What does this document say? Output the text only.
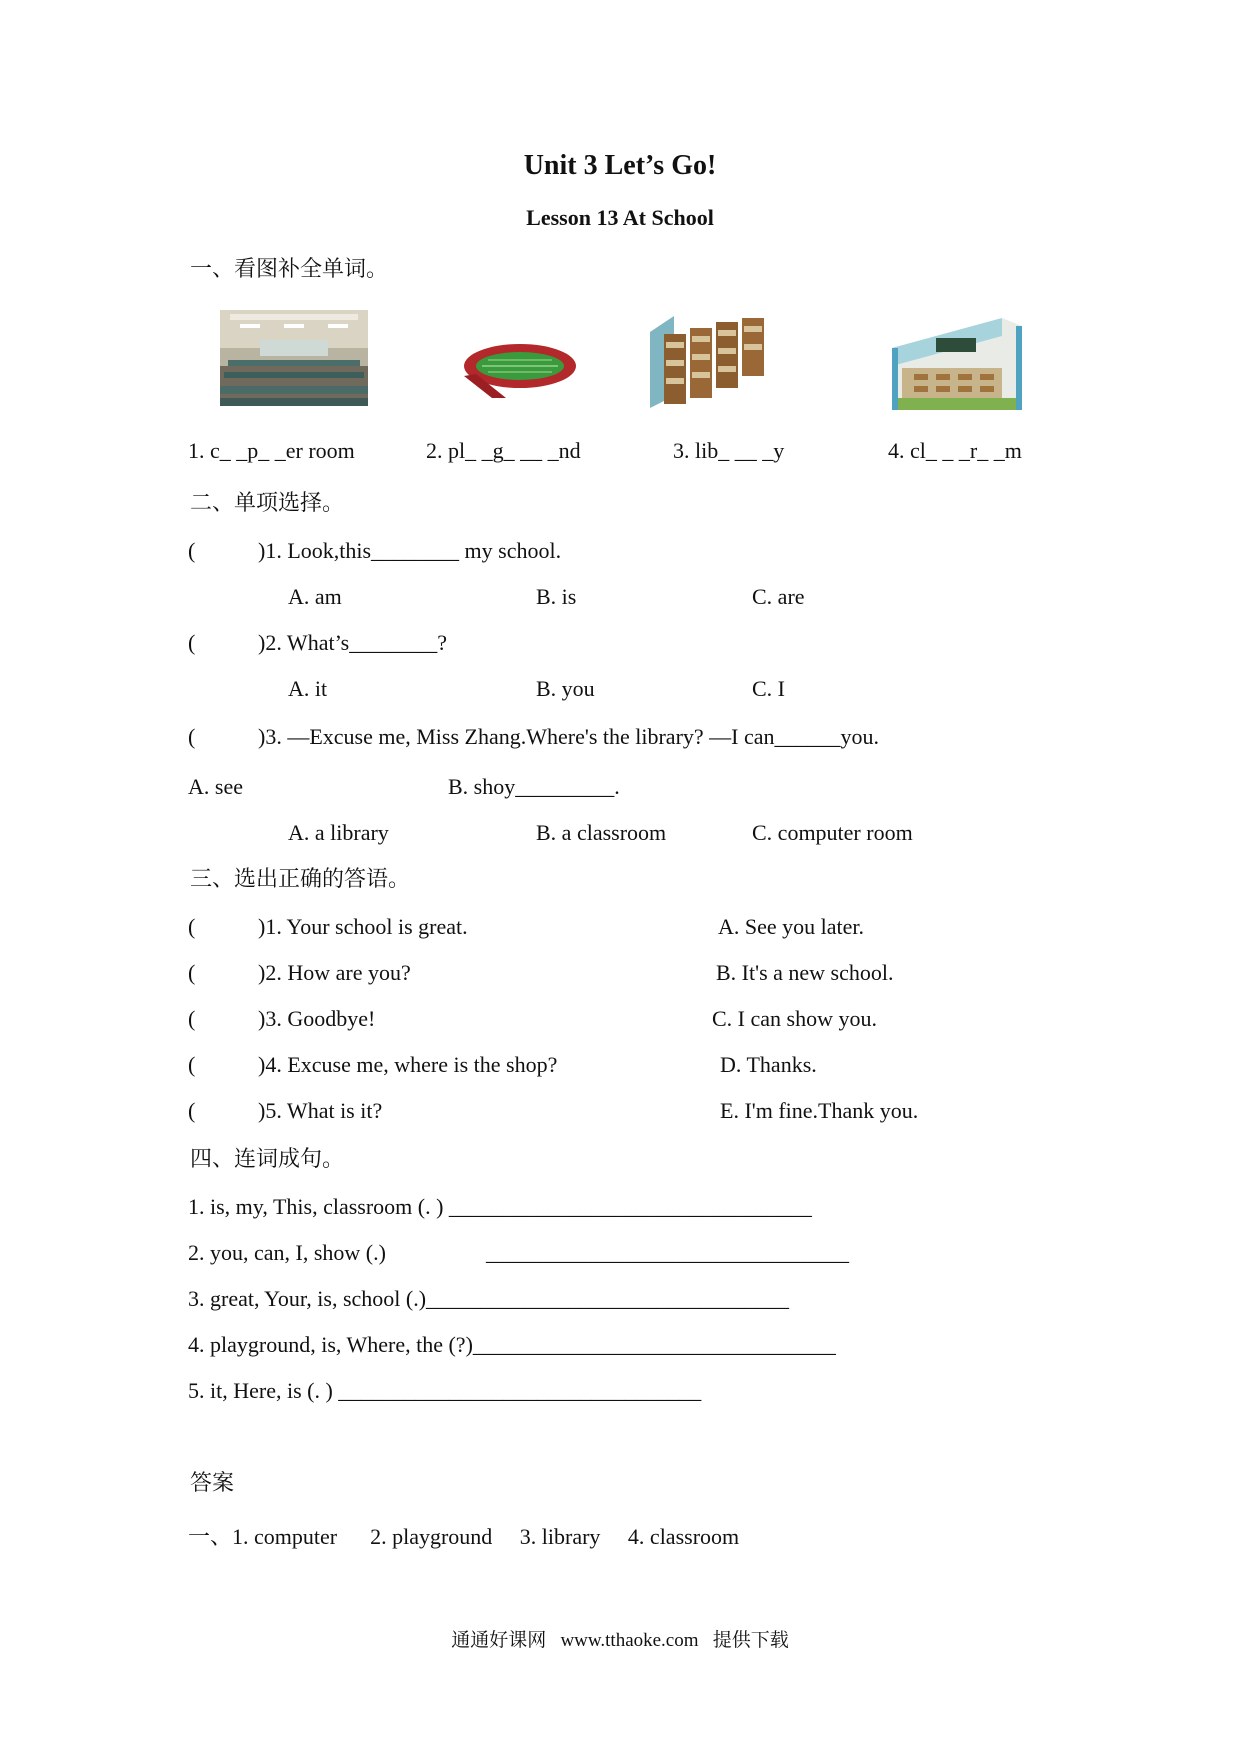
Unit 3 Let’s Go!
Lesson 13 At School
一、看图补全单词。
1. c_ _p_ _er room	2. pl_ _g_ __ _nd	3. lib_ __ _y	4. cl_ _ _r_ _m
二、单项选择。
(	)1. Look,this________ my school.
A. am	B. is	C. are
(	)2. What’s________?
A. it	B. you	C. I
(	)3. —Excuse me, Miss Zhang.Where's the library? —I can______you.
A. see	B. shoy_________.
A. a library	B. a classroom	C. computer room
三、选出正确的答语。
(	)1. Your school is great.	A. See you later.
(	)2. How are you?	B. It's a new school.
(	)3. Goodbye!	C. I can show you.
(	)4. Excuse me, where is the shop?	D. Thanks.
(	)5. What is it?	E. I'm fine.Thank you.
四、连词成句。
1. is, my, This, classroom (. ) _________________________________
2. you, can, I, show (.)	_________________________________
3. great, Your, is, school (.)_________________________________
4. playground, is, Where, the (?)_________________________________
5. it, Here, is (. ) _________________________________
答案
一、1. computer      2. playground     3. library     4. classroom
通通好课网   www.tthaoke.com   提供下载
